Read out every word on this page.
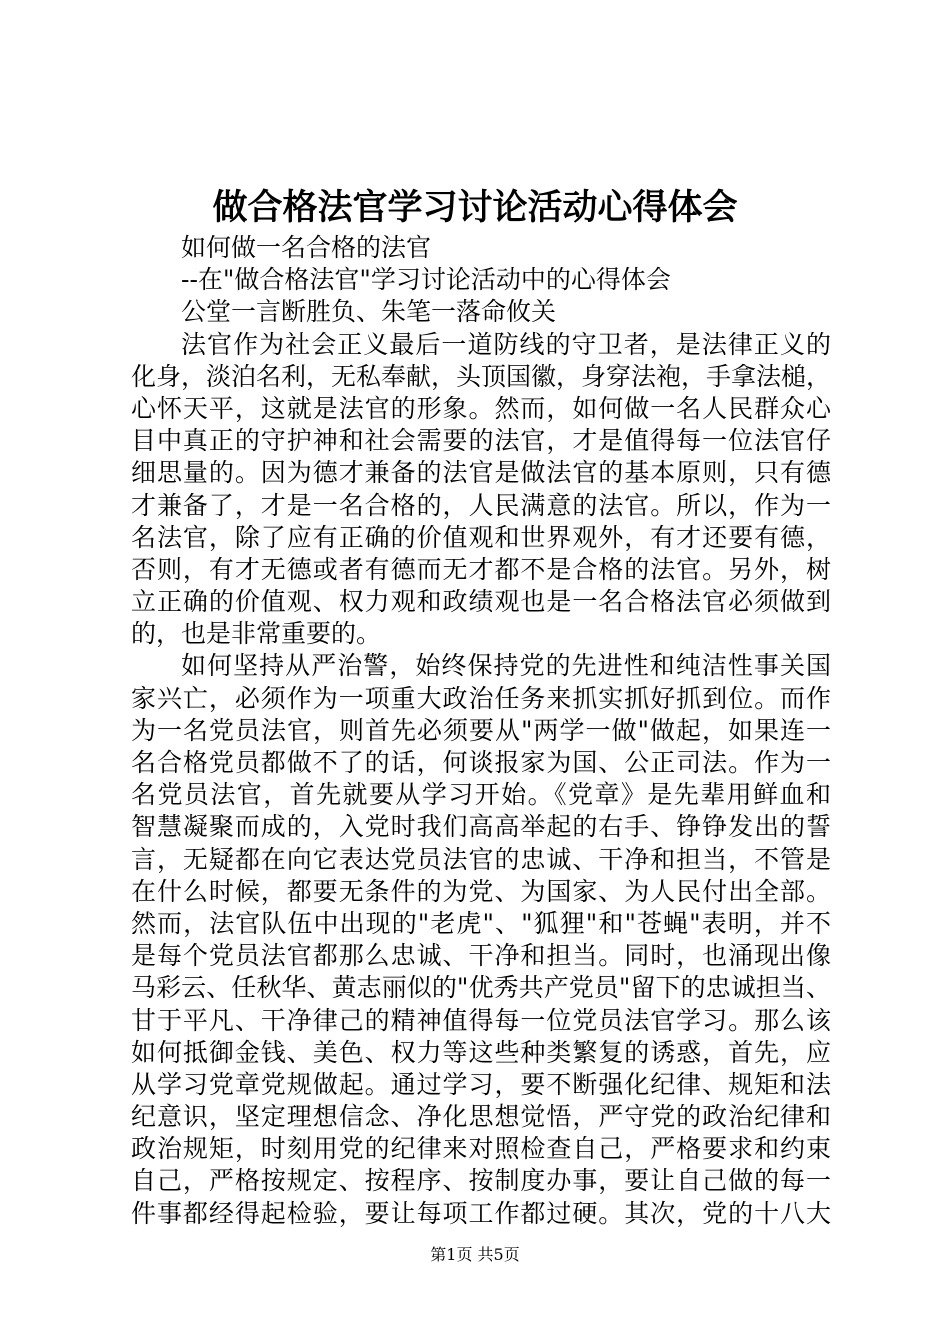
做合格法官学习讨论活动心得体会
如何做一名合格的法官
--在"做合格法官"学习讨论活动中的心得体会
公堂一言断胜负、朱笔一落命攸关
法官作为社会正义最后一道防线的守卫者，是法律正义的
化身，淡泊名利，无私奉献，头顶国徽，身穿法袍，手拿法槌，
心怀天平，这就是法官的形象。然而，如何做一名人民群众心
目中真正的守护神和社会需要的法官，才是值得每一位法官仔
细思量的。因为德才兼备的法官是做法官的基本原则，只有德
才兼备了，才是一名合格的，人民满意的法官。所以，作为一
名法官，除了应有正确的价值观和世界观外，有才还要有德，
否则，有才无德或者有德而无才都不是合格的法官。另外，树
立正确的价值观、权力观和政绩观也是一名合格法官必须做到
的，也是非常重要的。
如何坚持从严治警，始终保持党的先进性和纯洁性事关国
家兴亡，必须作为一项重大政治任务来抓实抓好抓到位。而作
为一名党员法官，则首先必须要从"两学一做"做起，如果连一
名合格党员都做不了的话，何谈报家为国、公正司法。作为一
名党员法官，首先就要从学习开始。《党章》是先辈用鲜血和
智慧凝聚而成的，入党时我们高高举起的右手、铮铮发出的誓
言，无疑都在向它表达党员法官的忠诚、干净和担当，不管是
在什么时候，都要无条件的为党、为国家、为人民付出全部。
然而，法官队伍中出现的"老虎"、"狐狸"和"苍蝇"表明，并不
是每个党员法官都那么忠诚、干净和担当。同时，也涌现出像
马彩云、任秋华、黄志丽似的"优秀共产党员"留下的忠诚担当、
甘于平凡、干净律己的精神值得每一位党员法官学习。那么该
如何抵御金钱、美色、权力等这些种类繁复的诱惑，首先，应
从学习党章党规做起。通过学习，要不断强化纪律、规矩和法
纪意识，坚定理想信念、净化思想觉悟，严守党的政治纪律和
政治规矩，时刻用党的纪律来对照检查自己，严格要求和约束
自己，严格按规定、按程序、按制度办事，要让自己做的每一
件事都经得起检验，要让每项工作都过硬。其次，党的十八大
第1页 共5页
